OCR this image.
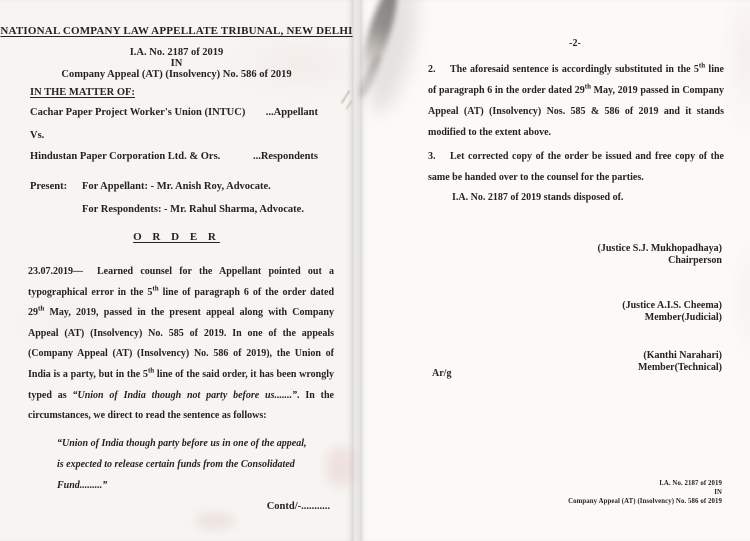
NATIONAL COMPANY LAW APPELLATE TRIBUNAL, NEW DELHI
I.A. No. 2187 of 2019
IN
Company Appeal (AT) (Insolvency) No. 586 of 2019
IN THE MATTER OF:
Cachar Paper Project Worker's Union (INTUC) ...Appellant
Vs.
Hindustan Paper Corporation Ltd. & Ors.	...Respondents
Present: For Appellant: - Mr. Anish Roy, Advocate.
For Respondents: - Mr. Rahul Sharma, Advocate.
O R D E R
23.07.2019— Learned counsel for the Appellant pointed out a typographical error in the 5th line of paragraph 6 of the order dated 29th May, 2019, passed in the present appeal along with Company Appeal (AT) (Insolvency) No. 585 of 2019. In one of the appeals (Company Appeal (AT) (Insolvency) No. 586 of 2019), the Union of India is a party, but in the 5th line of the said order, it has been wrongly typed as “Union of India though not party before us.......”. In the circumstances, we direct to read the sentence as follows:
“Union of India though party before us in one of the appeal,
is expected to release certain funds from the Consolidated
Fund.........”
Contd/-...........
-2-
2.	The aforesaid sentence is accordingly substituted in the 5th line of paragraph 6 in the order dated 29th May, 2019 passed in Company Appeal (AT) (Insolvency) Nos. 585 & 586 of 2019 and it stands modified to the extent above.
3.	Let corrected copy of the order be issued and free copy of the same be handed over to the counsel for the parties.
I.A. No. 2187 of 2019 stands disposed of.
(Justice S.J. Mukhopadhaya)
Chairperson
(Justice A.I.S. Cheema)
Member(Judicial)
(Kanthi Narahari)
Member(Technical)
Ar/g
I.A. No. 2187 of 2019
IN
Company Appeal (AT) (Insolvency) No. 586 of 2019
